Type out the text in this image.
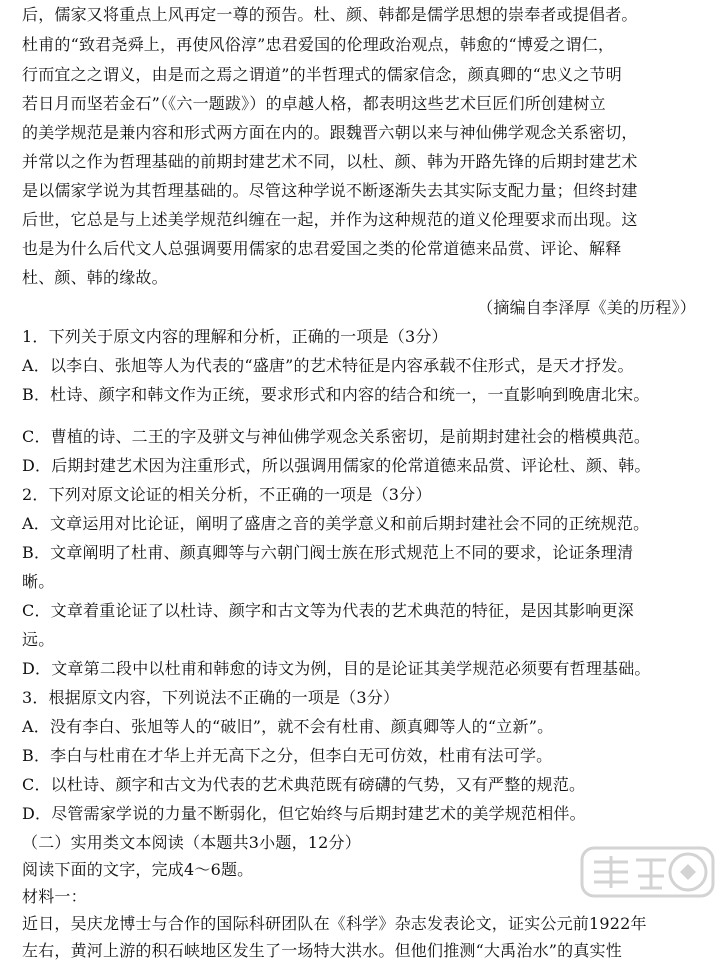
后，儒家又将重点上风再定一尊的预告。杜、颜、韩都是儒学思想的崇奉者或提倡者。
杜甫的“致君尧舜上，再使风俗淳”忠君爱国的伦理政治观点，韩愈的“博爱之谓仁，
行而宜之之谓义，由是而之焉之谓道”的半哲理式的儒家信念，颜真卿的“忠义之节明
若日月而坚若金石”（《六一题跋》）的卓越人格，都表明这些艺术巨匠们所创建树立
的美学规范是兼内容和形式两方面在内的。跟魏晋六朝以来与神仙佛学观念关系密切，
并常以之作为哲理基础的前期封建艺术不同，以杜、颜、韩为开路先锋的后期封建艺术
是以儒家学说为其哲理基础的。尽管这种学说不断逐渐失去其实际支配力量；但终封建
后世，它总是与上述美学规范纠缠在一起，并作为这种规范的道义伦理要求而出现。这
也是为什么后代文人总强调要用儒家的忠君爱国之类的伦常道德来品赏、评论、解释
杜、颜、韩的缘故。
（摘编自李泽厚《美的历程》）
1．下列关于原文内容的理解和分析，正确的一项是（3分）
A．以李白、张旭等人为代表的“盛唐”的艺术特征是内容承载不住形式，是天才抒发。
B．杜诗、颜字和韩文作为正统，要求形式和内容的结合和统一，一直影响到晚唐北宋。
C．曹植的诗、二王的字及骈文与神仙佛学观念关系密切，是前期封建社会的楷模典范。
D．后期封建艺术因为注重形式，所以强调用儒家的伦常道德来品赏、评论杜、颜、韩。
2．下列对原文论证的相关分析，不正确的一项是（3分）
A．文章运用对比论证，阐明了盛唐之音的美学意义和前后期封建社会不同的正统规范。
B．文章阐明了杜甫、颜真卿等与六朝门阀士族在形式规范上不同的要求，论证条理清
晰。
C．文章着重论证了以杜诗、颜字和古文等为代表的艺术典范的特征，是因其影响更深
远。
D．文章第二段中以杜甫和韩愈的诗文为例，目的是论证其美学规范必须要有哲理基础。
3．根据原文内容，下列说法不正确的一项是（3分）
A．没有李白、张旭等人的“破旧”，就不会有杜甫、颜真卿等人的“立新”。
B．李白与杜甫在才华上并无高下之分，但李白无可仿效，杜甫有法可学。
C．以杜诗、颜字和古文为代表的艺术典范既有磅礴的气势，又有严整的规范。
D．尽管需家学说的力量不断弱化，但它始终与后期封建艺术的美学规范相伴。
（二）实用类文本阅读（本题共3小题，12分）
阅读下面的文字，完成4～6题。
材料一：
近日，吴庆龙博士与合作的国际科研团队在《科学》杂志发表论文，证实公元前1922年
左右，黄河上游的积石峡地区发生了一场特大洪水。但他们推测“大禹治水”的真实性
